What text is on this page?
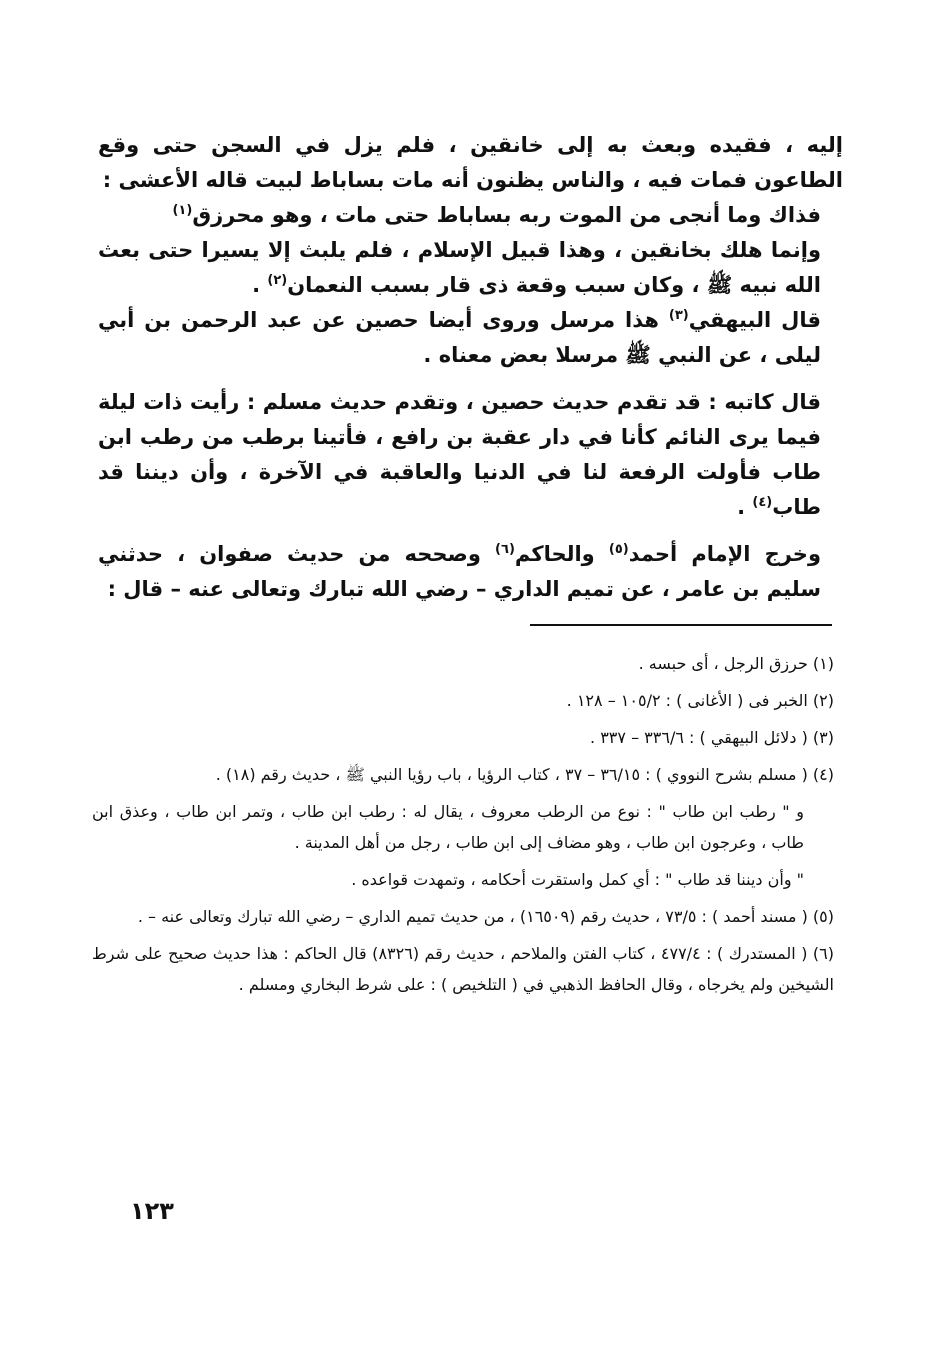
إليه ، فقيده وبعث به إلى خانقين ، فلم يزل في السجن حتى وقع الطاعون فمات فيه ، والناس يظنون أنه مات بساباط لبيت قاله الأعشى :

فذاك وما أنجى من الموت ربه بساباط حتى مات ، وهو محرزق$^{(١)}$

وإنما هلك بخانقين ، وهذا قبيل الإسلام ، فلم يلبث إلا يسيرا حتى بعث الله نبيه ﷺ ، وكان سبب وقعة ذى قار بسبب النعمان$^{(٢)}$ .

قال البيهقي$^{(٣)}$ هذا مرسل وروى أيضا حصين عن عبد الرحمن بن أبي ليلى ، عن النبي ﷺ مرسلا بعض معناه .

قال كاتبه : قد تقدم حديث حصين ، وتقدم حديث مسلم : رأيت ذات ليلة فيما يرى النائم كأنا في دار عقبة بن رافع ، فأتينا برطب من رطب ابن طاب فأولت الرفعة لنا في الدنيا والعاقبة في الآخرة ، وأن ديننا قد طاب$^{(٤)}$ .

وخرج الإمام أحمد$^{(٥)}$ والحاكم$^{(٦)}$ وصححه من حديث صفوان ، حدثني سليم بن عامر ، عن تميم الداري – رضي الله تبارك وتعالى عنه – قال :

(١) حرزق الرجل ، أى حبسه .

(٢) الخبر فى ( الأغانى ) : ١٠٥/٢ – ١٢٨ .

(٣) ( دلائل البيهقي ) : ٣٣٦/٦ – ٣٣٧ .

(٤) ( مسلم بشرح النووي ) : ٣٦/١٥ – ٣٧ ، كتاب الرؤيا ، باب رؤيا النبي ﷺ ، حديث رقم (١٨) .

و " رطب ابن طاب " : نوع من الرطب معروف ، يقال له : رطب ابن طاب ، وتمر ابن طاب ، وعذق ابن طاب ، وعرجون ابن طاب ، وهو مضاف إلى ابن طاب ، رجل من أهل المدينة .

" وأن ديننا قد طاب " : أي كمل واستقرت أحكامه ، وتمهدت قواعده .

(٥) ( مسند أحمد ) : ٧٣/٥ ، حديث رقم (١٦٥٠٩) ، من حديث تميم الداري – رضي الله تبارك وتعالى عنه – .

(٦) ( المستدرك ) : ٤٧٧/٤ ، كتاب الفتن والملاحم ، حديث رقم (٨٣٢٦) قال الحاكم : هذا حديث صحيح على شرط الشيخين ولم يخرجاه ، وقال الحافظ الذهبي في ( التلخيص ) : على شرط البخاري ومسلم .

١٢٣
